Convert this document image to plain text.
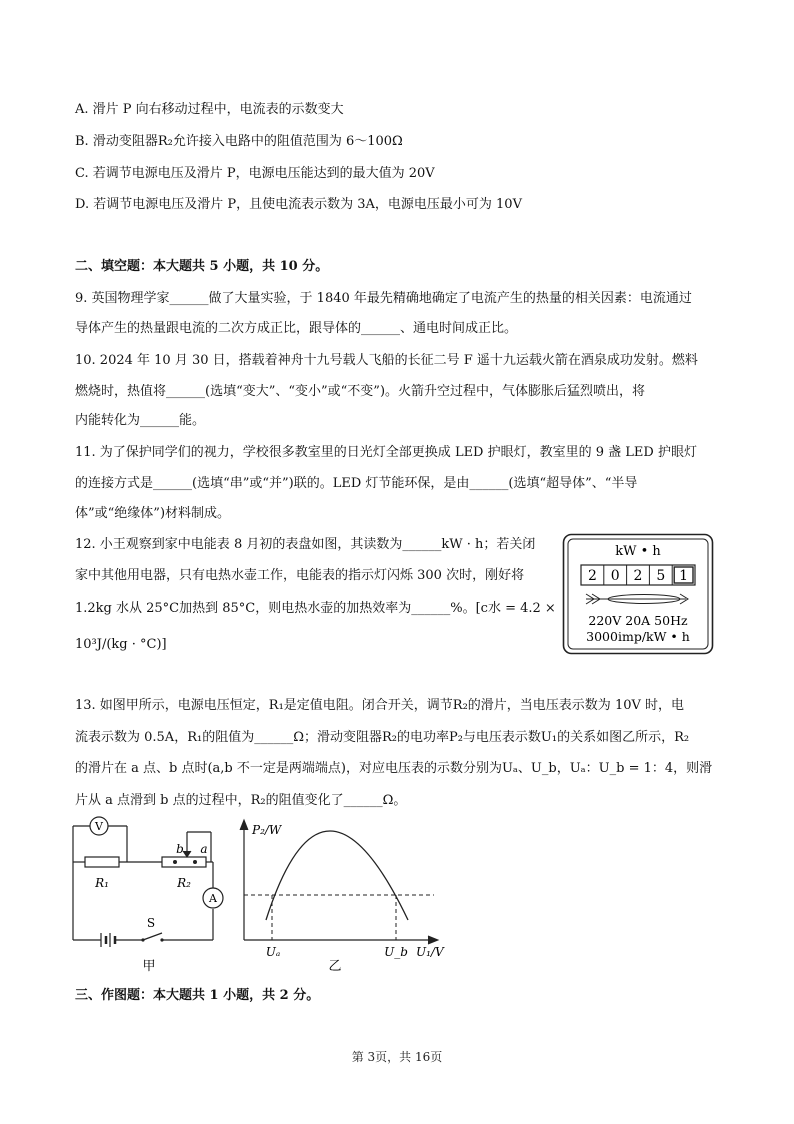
A. 滑片 P 向右移动过程中，电流表的示数变大
B. 滑动变阻器R₂允许接入电路中的阻值范围为 6～100Ω
C. 若调节电源电压及滑片 P，电源电压能达到的最大值为 20V
D. 若调节电源电压及滑片 P，且使电流表示数为 3A，电源电压最小可为 10V
二、填空题：本大题共 5 小题，共 10 分。
9. 英国物理学家______做了大量实验，于 1840 年最先精确地确定了电流产生的热量的相关因素：电流通过
导体产生的热量跟电流的二次方成正比，跟导体的______、通电时间成正比。
10. 2024 年 10 月 30 日，搭载着神舟十九号载人飞船的长征二号 F 遥十九运载火箭在酒泉成功发射。燃料
燃烧时，热值将______(选填“变大”、“变小”或“不变”)。火箭升空过程中，气体膨胀后猛烈喷出，将
内能转化为______能。
11. 为了保护同学们的视力，学校很多教室里的日光灯全部更换成 LED 护眼灯，教室里的 9 盏 LED 护眼灯
的连接方式是______(选填“串”或“并”)联的。LED 灯节能环保，是由______(选填“超导体”、“半导
体”或“绝缘体”)材料制成。
12. 小王观察到家中电能表 8 月初的表盘如图，其读数为______kW · h；若关闭
家中其他用电器，只有电热水壶工作，电能表的指示灯闪烁 300 次时，刚好将
1.2kg 水从 25°C加热到 85°C，则电热水壶的加热效率为______%。[c水 = 4.2 ×
10³J/(kg · °C)]
kW • h
2 0 2 5 1
220V 20A 50Hz
3000imp/kW • h
13. 如图甲所示，电源电压恒定，R₁是定值电阻。闭合开关，调节R₂的滑片，当电压表示数为 10V 时，电
流表示数为 0.5A，R₁的阻值为______Ω；滑动变阻器R₂的电功率P₂与电压表示数U₁的关系如图乙所示，R₂
的滑片在 a 点、b 点时(a,b 不一定是两端端点)，对应电压表的示数分别为Uₐ、U_b，Uₐ：U_b = 1：4，则滑
片从 a 点滑到 b 点的过程中，R₂的阻值变化了______Ω。
V
A
R₁	R₂
b a
S
甲
P₂/W
Uₐ	U_b U₁/V
乙
三、作图题：本大题共 1 小题，共 2 分。
第 3页，共 16页
